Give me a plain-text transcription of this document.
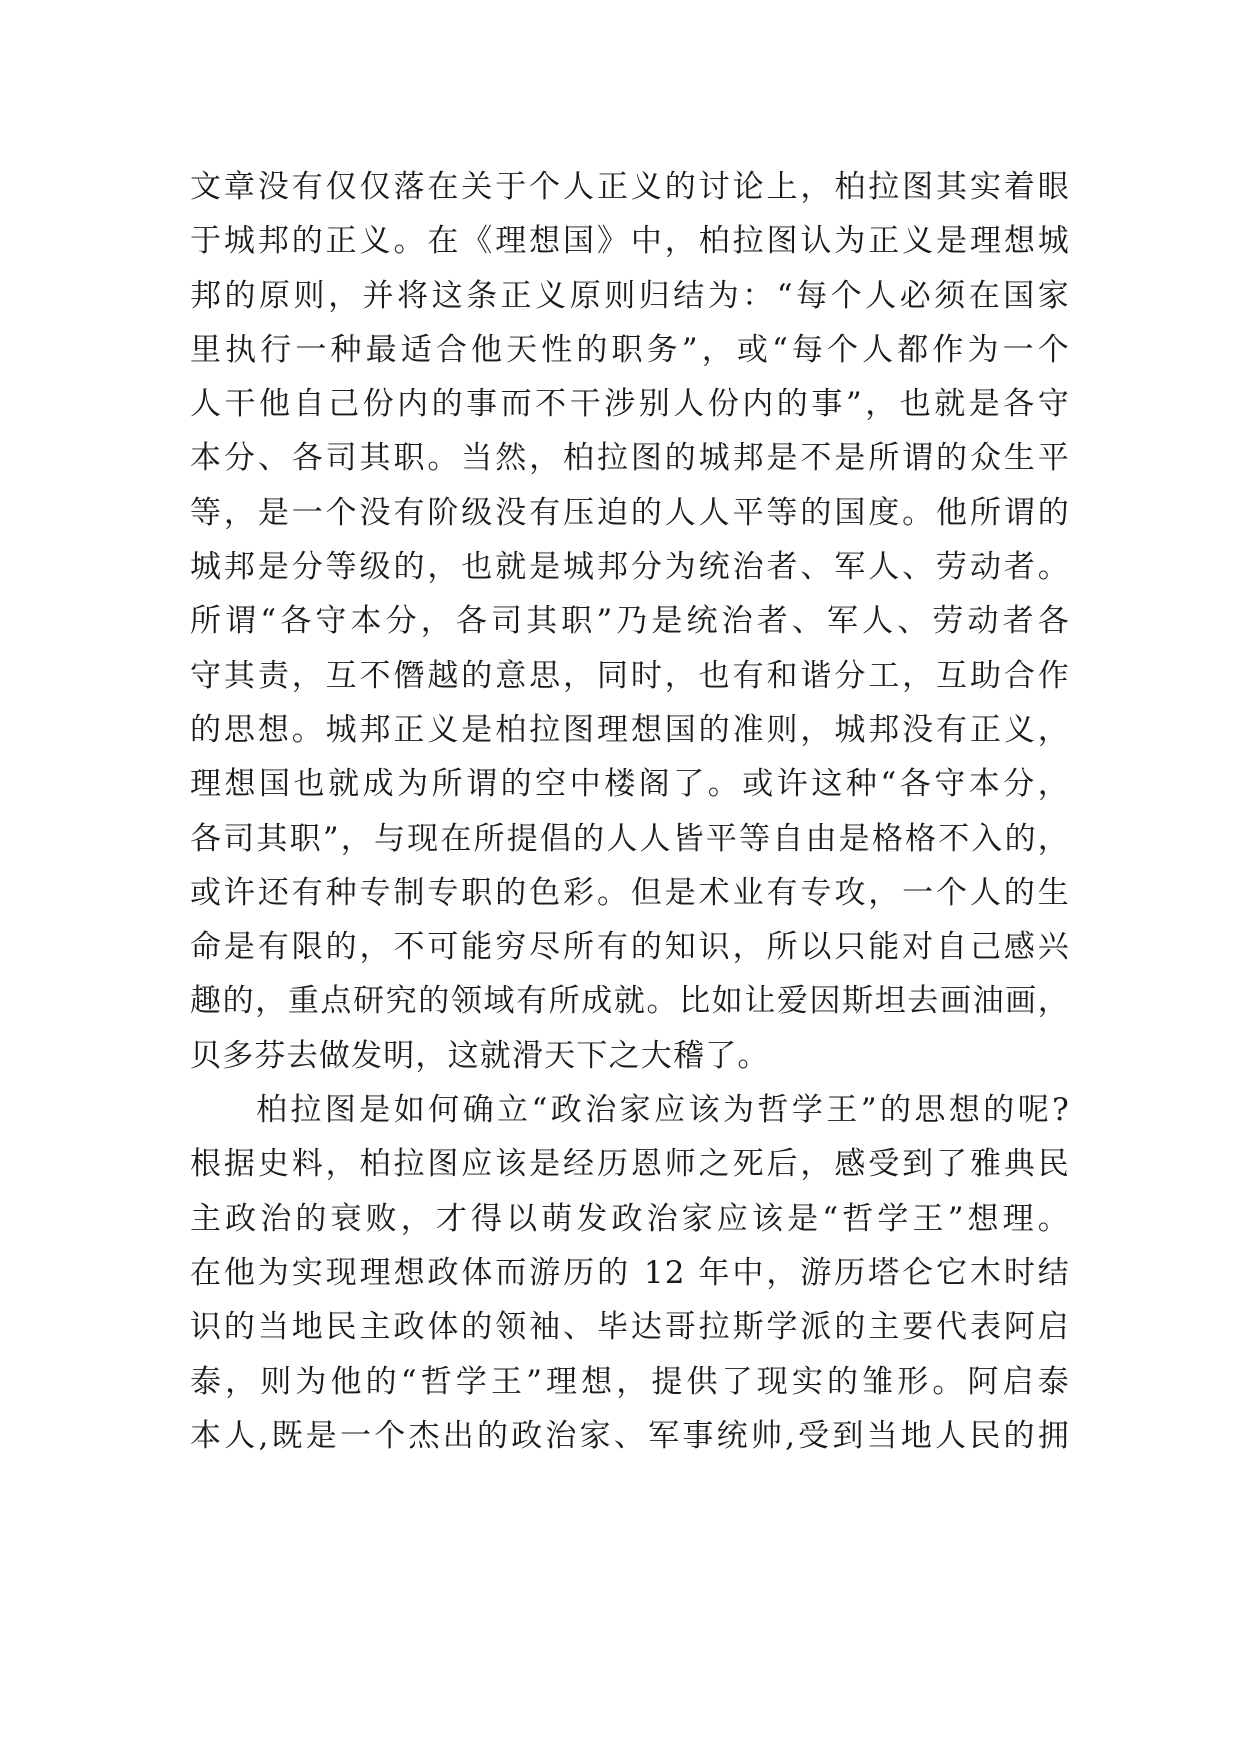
文章没有仅仅落在关于个人正义的讨论上，柏拉图其实着眼
于城邦的正义。在《理想国》中，柏拉图认为正义是理想城
邦的原则，并将这条正义原则归结为：“每个人必须在国家
里执行一种最适合他天性的职务”，或“每个人都作为一个
人干他自己份内的事而不干涉别人份内的事”，也就是各守
本分、各司其职。当然，柏拉图的城邦是不是所谓的众生平
等，是一个没有阶级没有压迫的人人平等的国度。他所谓的
城邦是分等级的，也就是城邦分为统治者、军人、劳动者。
所谓“各守本分，各司其职”乃是统治者、军人、劳动者各
守其责，互不僭越的意思，同时，也有和谐分工，互助合作
的思想。城邦正义是柏拉图理想国的准则，城邦没有正义，
理想国也就成为所谓的空中楼阁了。或许这种“各守本分，
各司其职”，与现在所提倡的人人皆平等自由是格格不入的，
或许还有种专制专职的色彩。但是术业有专攻，一个人的生
命是有限的，不可能穷尽所有的知识，所以只能对自己感兴
趣的，重点研究的领域有所成就。比如让爱因斯坦去画油画，
贝多芬去做发明，这就滑天下之大稽了。
柏拉图是如何确立“政治家应该为哲学王”的思想的呢?
根据史料，柏拉图应该是经历恩师之死后，感受到了雅典民
主政治的衰败，才得以萌发政治家应该是“哲学王”想理。
在他为实现理想政体而游历的 12 年中，游历塔仑它木时结
识的当地民主政体的领袖、毕达哥拉斯学派的主要代表阿启
泰，则为他的“哲学王”理想，提供了现实的雏形。阿启泰
本人,既是一个杰出的政治家、军事统帅,受到当地人民的拥
